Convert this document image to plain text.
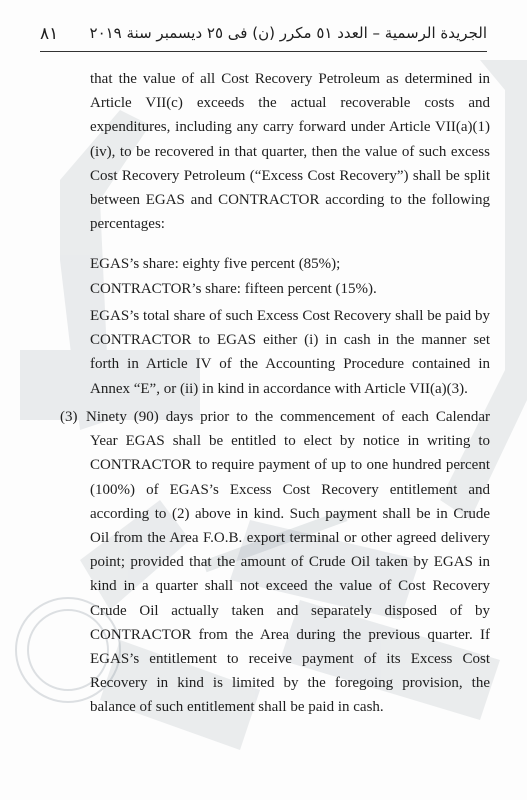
٨١ الجريدة الرسمية – العدد ٥١ مكرر (ن) فى ٢٥ ديسمبر سنة ٢٠١٩
that the value of all Cost Recovery Petroleum as determined in Article VII(c) exceeds the actual recoverable costs and expenditures, including any carry forward under Article VII(a)(1) (iv), to be recovered in that quarter, then the value of such excess Cost Recovery Petroleum (“Excess Cost Recovery”) shall be split between EGAS and CONTRACTOR according to the following percentages:
EGAS’s share: eighty five percent (85%);
CONTRACTOR’s share: fifteen percent (15%).
EGAS’s total share of such Excess Cost Recovery shall be paid by CONTRACTOR to EGAS either (i) in cash in the manner set forth in Article IV of the Accounting Procedure contained in Annex “E”, or (ii) in kind in accordance with Article VII(a)(3).
(3) Ninety (90) days prior to the commencement of each Calendar Year EGAS shall be entitled to elect by notice in writing to CONTRACTOR to require payment of up to one hundred percent (100%) of EGAS’s Excess Cost Recovery entitlement and according to (2) above in kind. Such payment shall be in Crude Oil from the Area F.O.B. export terminal or other agreed delivery point; provided that the amount of Crude Oil taken by EGAS in kind in a quarter shall not exceed the value of Cost Recovery Crude Oil actually taken and separately disposed of by CONTRACTOR from the Area during the previous quarter. If EGAS’s entitlement to receive payment of its Excess Cost Recovery in kind is limited by the foregoing provision, the balance of such entitlement shall be paid in cash.
